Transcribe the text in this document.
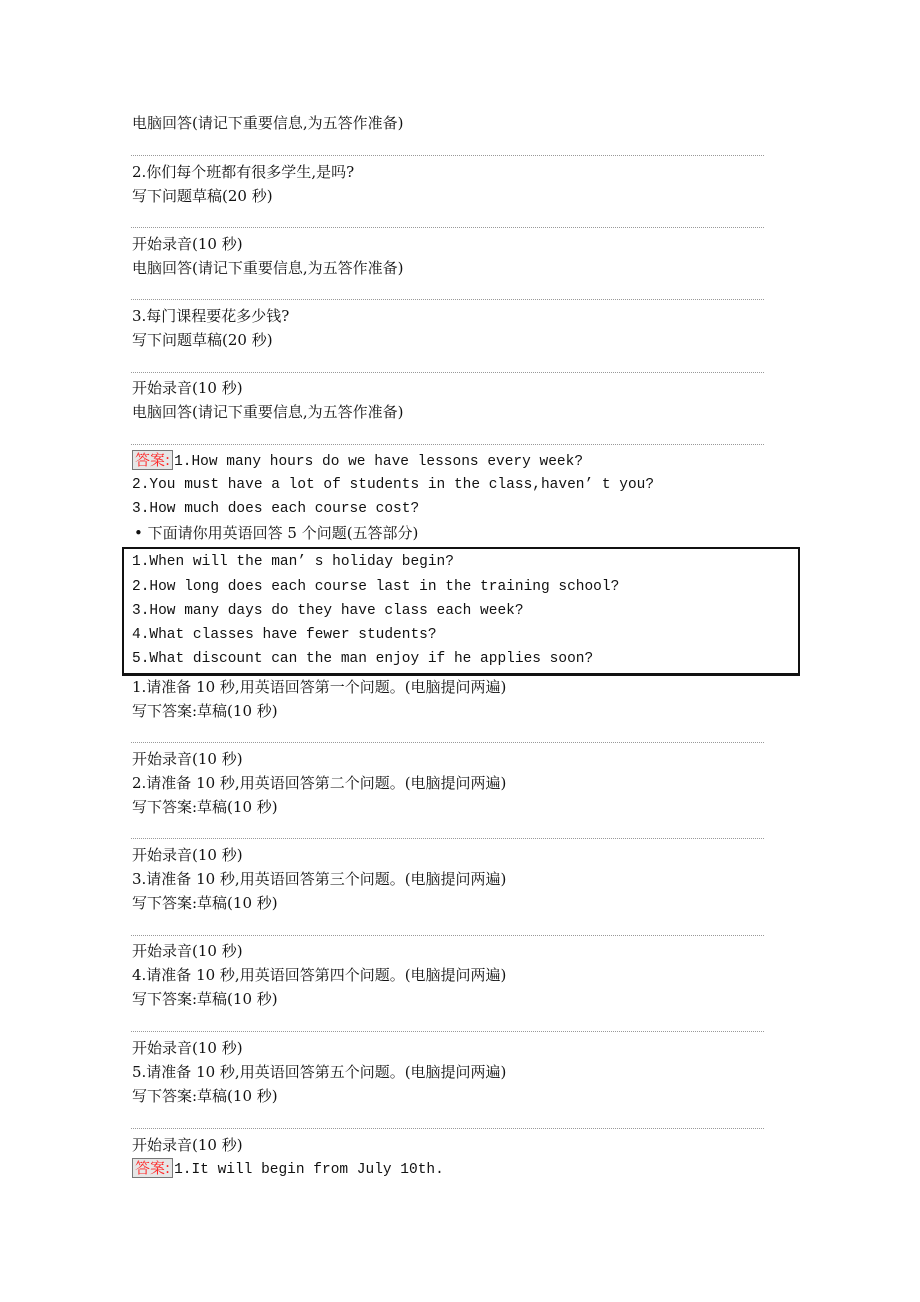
电脑回答(请记下重要信息,为五答作准备)
2.你们每个班都有很多学生,是吗?
写下问题草稿(20 秒)
开始录音(10 秒)
电脑回答(请记下重要信息,为五答作准备)
3.每门课程要花多少钱?
写下问题草稿(20 秒)
开始录音(10 秒)
电脑回答(请记下重要信息,为五答作准备)
答案: 1.How many hours do we have lessons every week?
2.You must have a lot of students in the class,haven’ t you?
3.How much does each course cost?
• 下面请你用英语回答 5 个问题(五答部分)
1.When will the man’ s holiday begin?
2.How long does each course last in the training school?
3.How many days do they have class each week?
4.What classes have fewer students?
5.What discount can the man enjoy if he applies soon?
1.请准备 10 秒,用英语回答第一个问题。(电脑提问两遍)
写下答案:草稿(10 秒)
开始录音(10 秒)
2.请准备 10 秒,用英语回答第二个问题。(电脑提问两遍)
写下答案:草稿(10 秒)
开始录音(10 秒)
3.请准备 10 秒,用英语回答第三个问题。(电脑提问两遍)
写下答案:草稿(10 秒)
开始录音(10 秒)
4.请准备 10 秒,用英语回答第四个问题。(电脑提问两遍)
写下答案:草稿(10 秒)
开始录音(10 秒)
5.请准备 10 秒,用英语回答第五个问题。(电脑提问两遍)
写下答案:草稿(10 秒)
开始录音(10 秒)
答案: 1.It will begin from July 10th.
